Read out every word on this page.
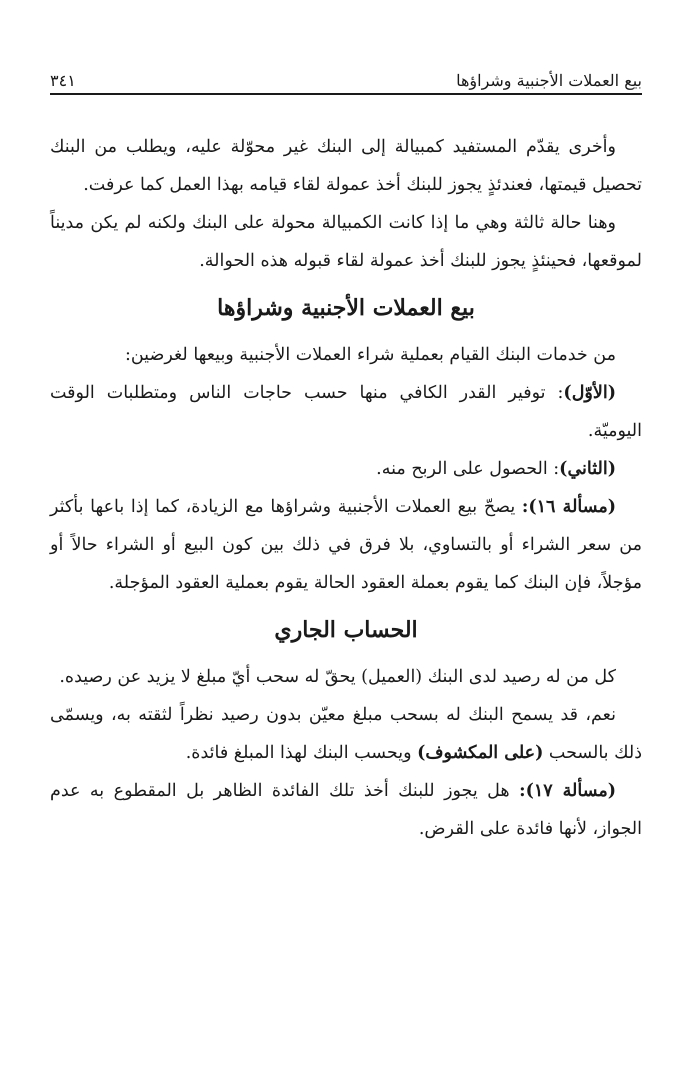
بيع العملات الأجنبية وشراؤها
٣٤١

وأخرى يقدّم المستفيد كمبيالة إلى البنك غير محوّلة عليه، ويطلب من البنك تحصيل قيمتها، فعندئذٍ يجوز للبنك أخذ عمولة لقاء قيامه بهذا العمل كما عرفت.

وهنا حالة ثالثة وهي ما إذا كانت الكمبيالة محولة على البنك ولكنه لم يكن مديناً لموقعها، فحينئذٍ يجوز للبنك أخذ عمولة لقاء قبوله هذه الحوالة.

بيع العملات الأجنبية وشراؤها

من خدمات البنك القيام بعملية شراء العملات الأجنبية وبيعها لغرضين:

(الأوّل): توفير القدر الكافي منها حسب حاجات الناس ومتطلبات الوقت اليوميّة.

(الثاني): الحصول على الربح منه.

(مسألة ١٦): يصحّ بيع العملات الأجنبية وشراؤها مع الزيادة، كما إذا باعها بأكثر من سعر الشراء أو بالتساوي، بلا فرق في ذلك بين كون البيع أو الشراء حالاً أو مؤجلاً، فإن البنك كما يقوم بعملة العقود الحالة يقوم بعملية العقود المؤجلة.

الحساب الجاري

كل من له رصيد لدى البنك (العميل) يحقّ له سحب أيّ مبلغ لا يزيد عن رصيده.

نعم، قد يسمح البنك له بسحب مبلغ معيّن بدون رصيد نظراً لثقته به، ويسمّى ذلك بالسحب (على المكشوف) ويحسب البنك لهذا المبلغ فائدة.

(مسألة ١٧): هل يجوز للبنك أخذ تلك الفائدة الظاهر بل المقطوع به عدم الجواز، لأنها فائدة على القرض.
